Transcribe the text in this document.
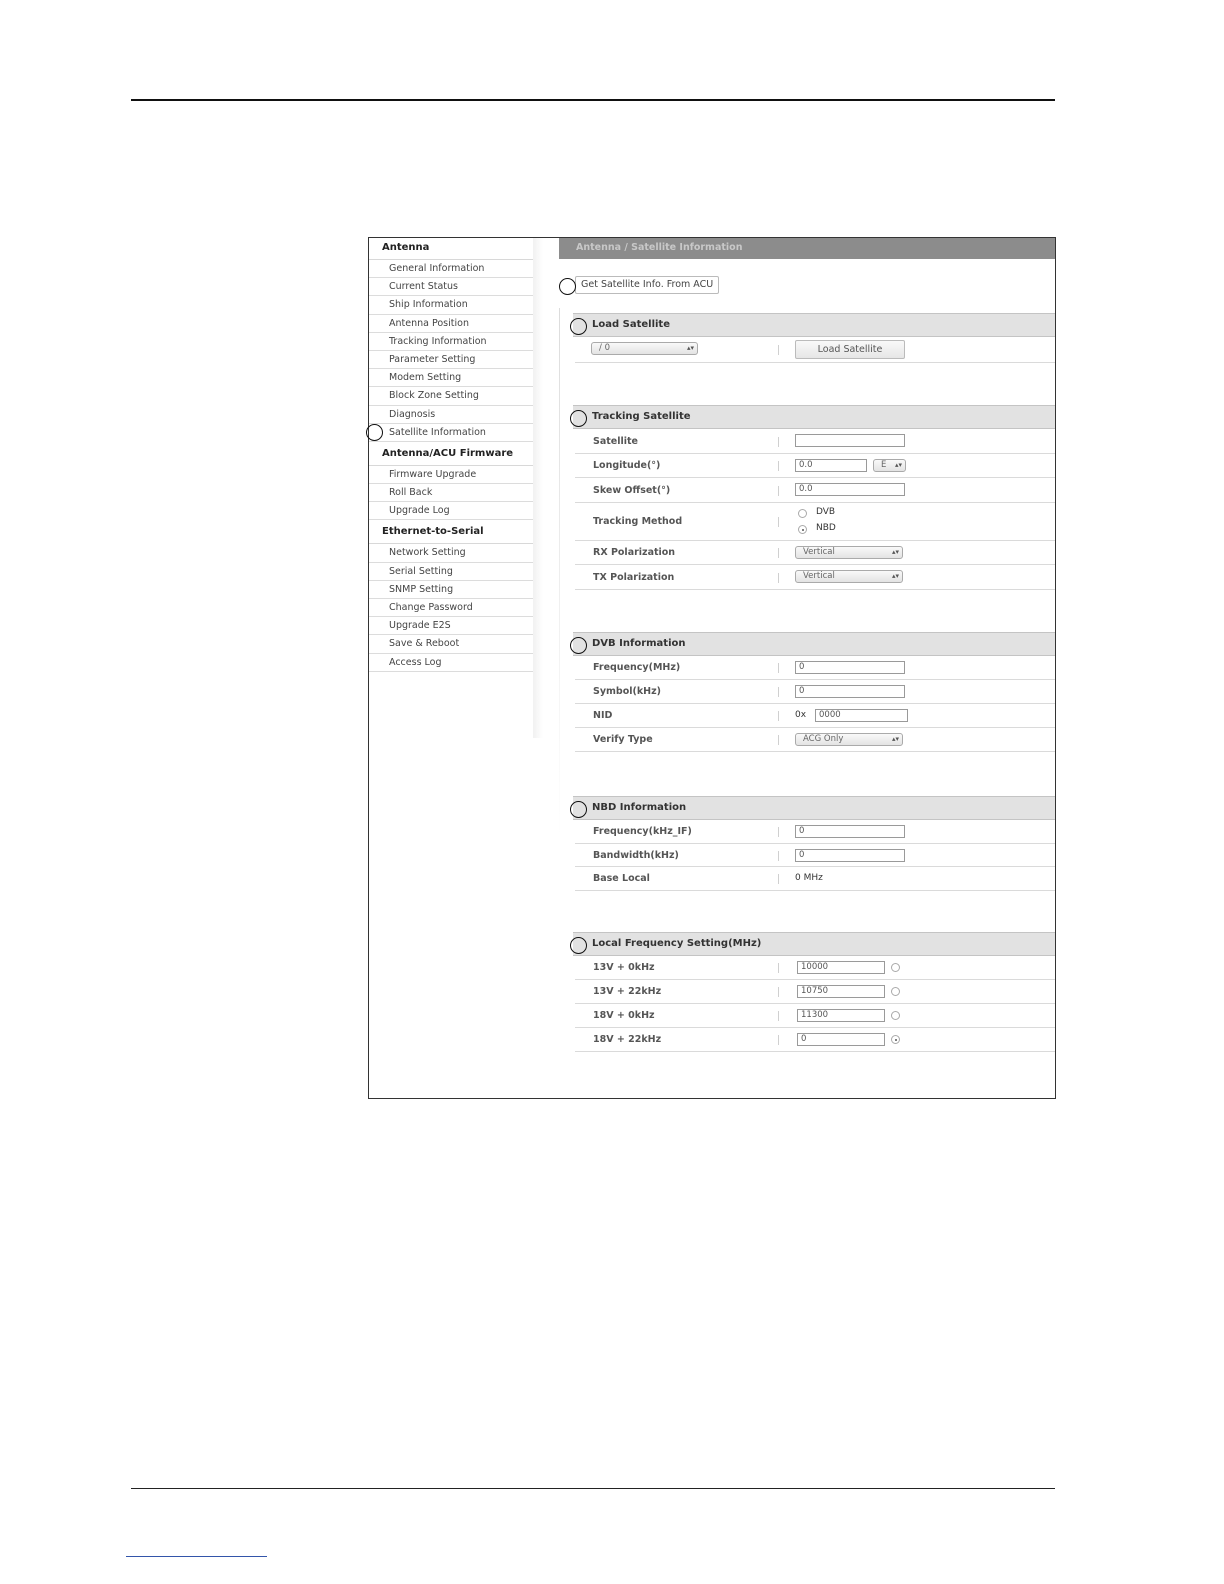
Antenna
General Information
Current Status
Ship Information
Antenna Position
Tracking Information
Parameter Setting
Modem Setting
Block Zone Setting
Diagnosis
Satellite Information
Antenna/ACU Firmware
Firmware Upgrade
Roll Back
Upgrade Log
Ethernet-to-Serial
Network Setting
Serial Setting
SNMP Setting
Change Password
Upgrade E2S
Save & Reboot
Access Log
Antenna / Satellite Information
Get Satellite Info. From ACU
Load Satellite
/ 0	▴▾	Load Satellite
Tracking Satellite
Satellite
Longitude(°)	0.0	E ▴▾
Skew Offset(°)	0.0
Tracking Method
DVB
NBD
RX Polarization	Vertical	▴▾
TX Polarization	Vertical	▴▾
DVB Information
Frequency(MHz)	0
Symbol(kHz)	0
NID	0x	0000
Verify Type	ACG Only	▴▾
NBD Information
Frequency(kHz_IF)	0
Bandwidth(kHz)	0
Base Local	0 MHz
Local Frequency Setting(MHz)
13V + 0kHz	10000
13V + 22kHz	10750
18V + 0kHz	11300
18V + 22kHz	0
